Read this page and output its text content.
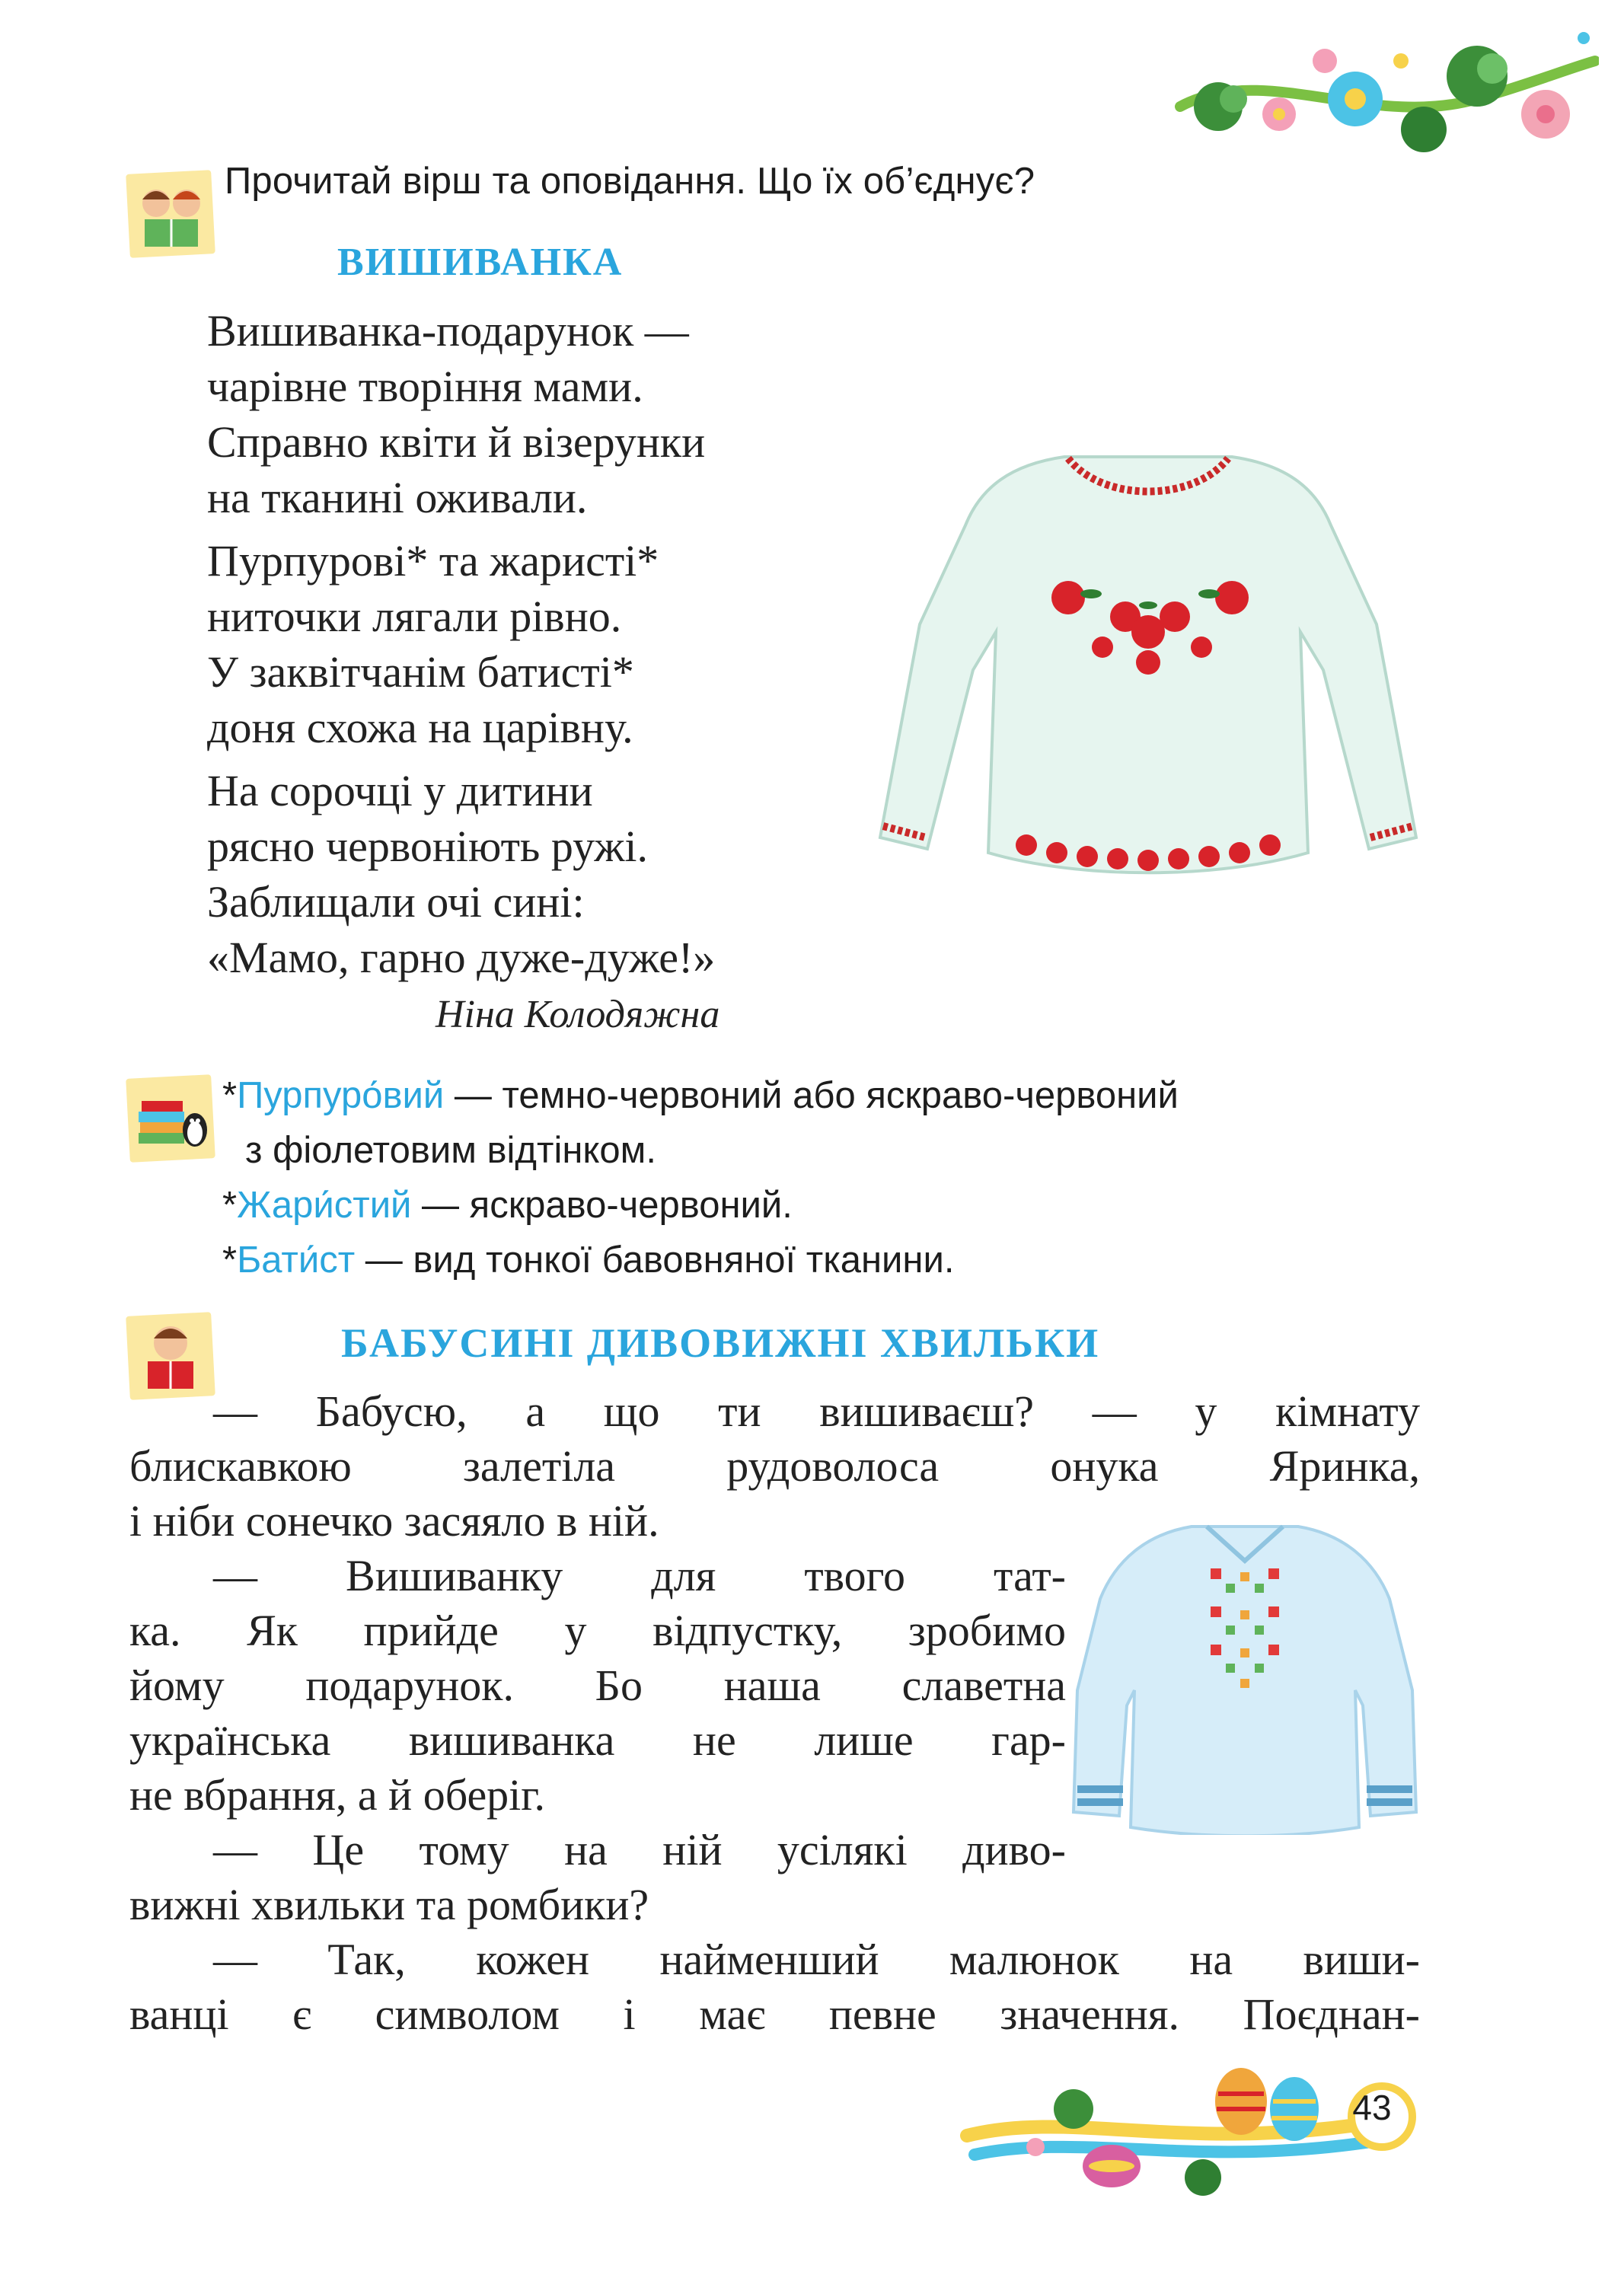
Прочитай вірш та оповідання. Що їх об’єднує?
ВИШИВАНКА
Вишиванка-подарунок —
чарівне творіння мами.
Справно квіти й візерунки
на тканині оживали.
Пурпурові* та жаристі*
ниточки лягали рівно.
У заквітчанім батисті*
доня схожа на царівну.
На сорочці у дитини
рясно червоніють ружі.
Заблищали очі сині:
«Мамо, гарно дуже-дуже!»
Ніна Колодяжна
*Пурпуро́вий — темно-червоний або яскраво-червоний
з фіолетовим відтінком.
*Жари́стий — яскраво-червоний.
*Бати́ст — вид тонкої бавовняної тканини.
БАБУСИНІ ДИВОВИЖНІ ХВИЛЬКИ
— Бабусю, а що ти вишиваєш? — у кімнату
блискавкою залетіла рудоволоса онука Яринка,
і ніби сонечко засяяло в ній.
— Вишиванку для твого тат-
ка. Як прийде у відпустку, зробимо
йому подарунок. Бо наша славетна
українська вишиванка не лише гар-
не вбрання, а й оберіг.
— Це тому на ній усілякі диво-
вижні хвильки та ромбики?
— Так, кожен найменший малюнок на виши-
ванці є символом і має певне значення. Поєднан-
43
